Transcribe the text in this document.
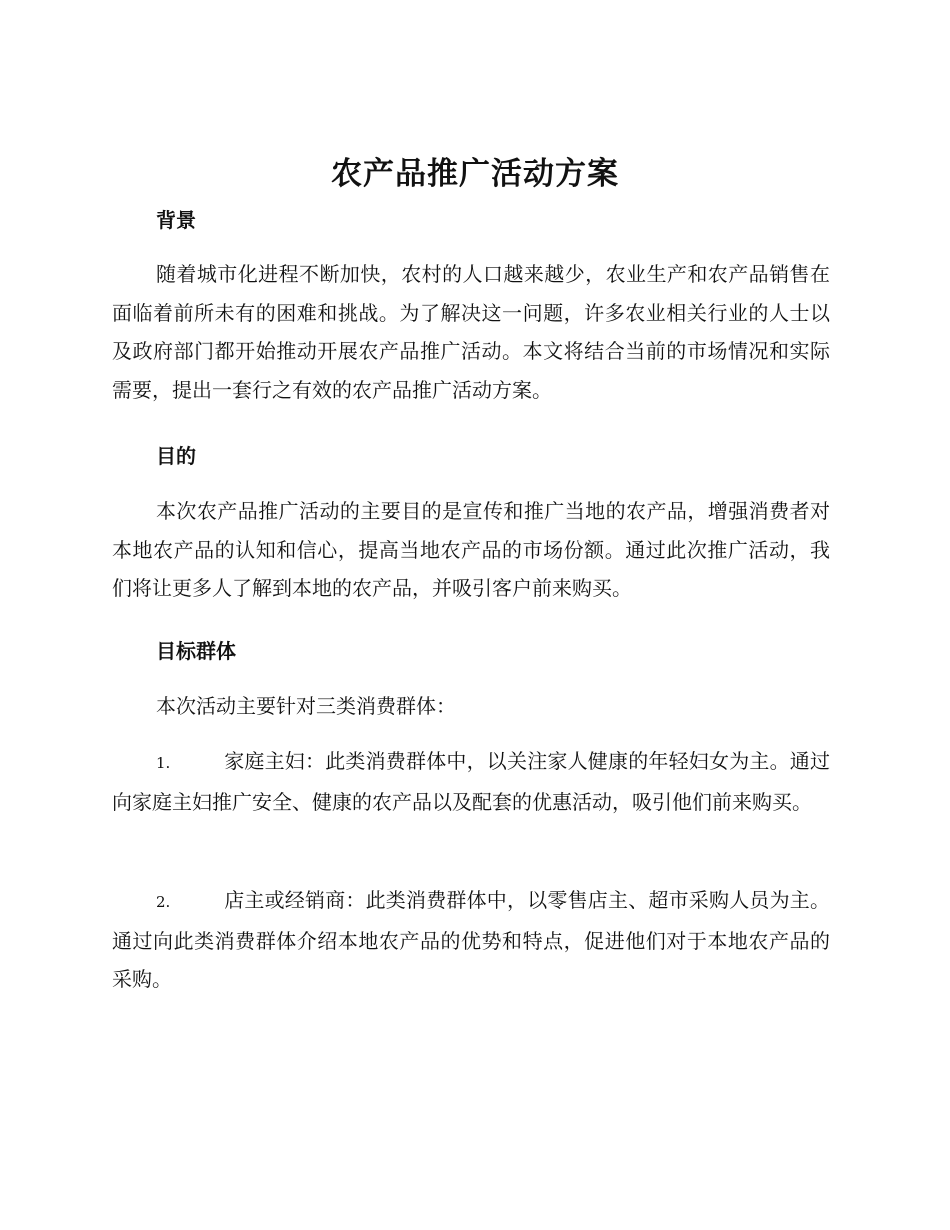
农产品推广活动方案
背景

随着城市化进程不断加快，农村的人口越来越少，农业生产和农产品销售在面临着前所未有的困难和挑战。为了解决这一问题，许多农业相关行业的人士以及政府部门都开始推动开展农产品推广活动。本文将结合当前的市场情况和实际需要，提出一套行之有效的农产品推广活动方案。

目的

本次农产品推广活动的主要目的是宣传和推广当地的农产品，增强消费者对本地农产品的认知和信心，提高当地农产品的市场份额。通过此次推广活动，我们将让更多人了解到本地的农产品，并吸引客户前来购买。

目标群体

本次活动主要针对三类消费群体：

1.	家庭主妇：此类消费群体中，以关注家人健康的年轻妇女为主。通过向家庭主妇推广安全、健康的农产品以及配套的优惠活动，吸引他们前来购买。

2.	店主或经销商：此类消费群体中，以零售店主、超市采购人员为主。通过向此类消费群体介绍本地农产品的优势和特点，促进他们对于本地农产品的采购。
